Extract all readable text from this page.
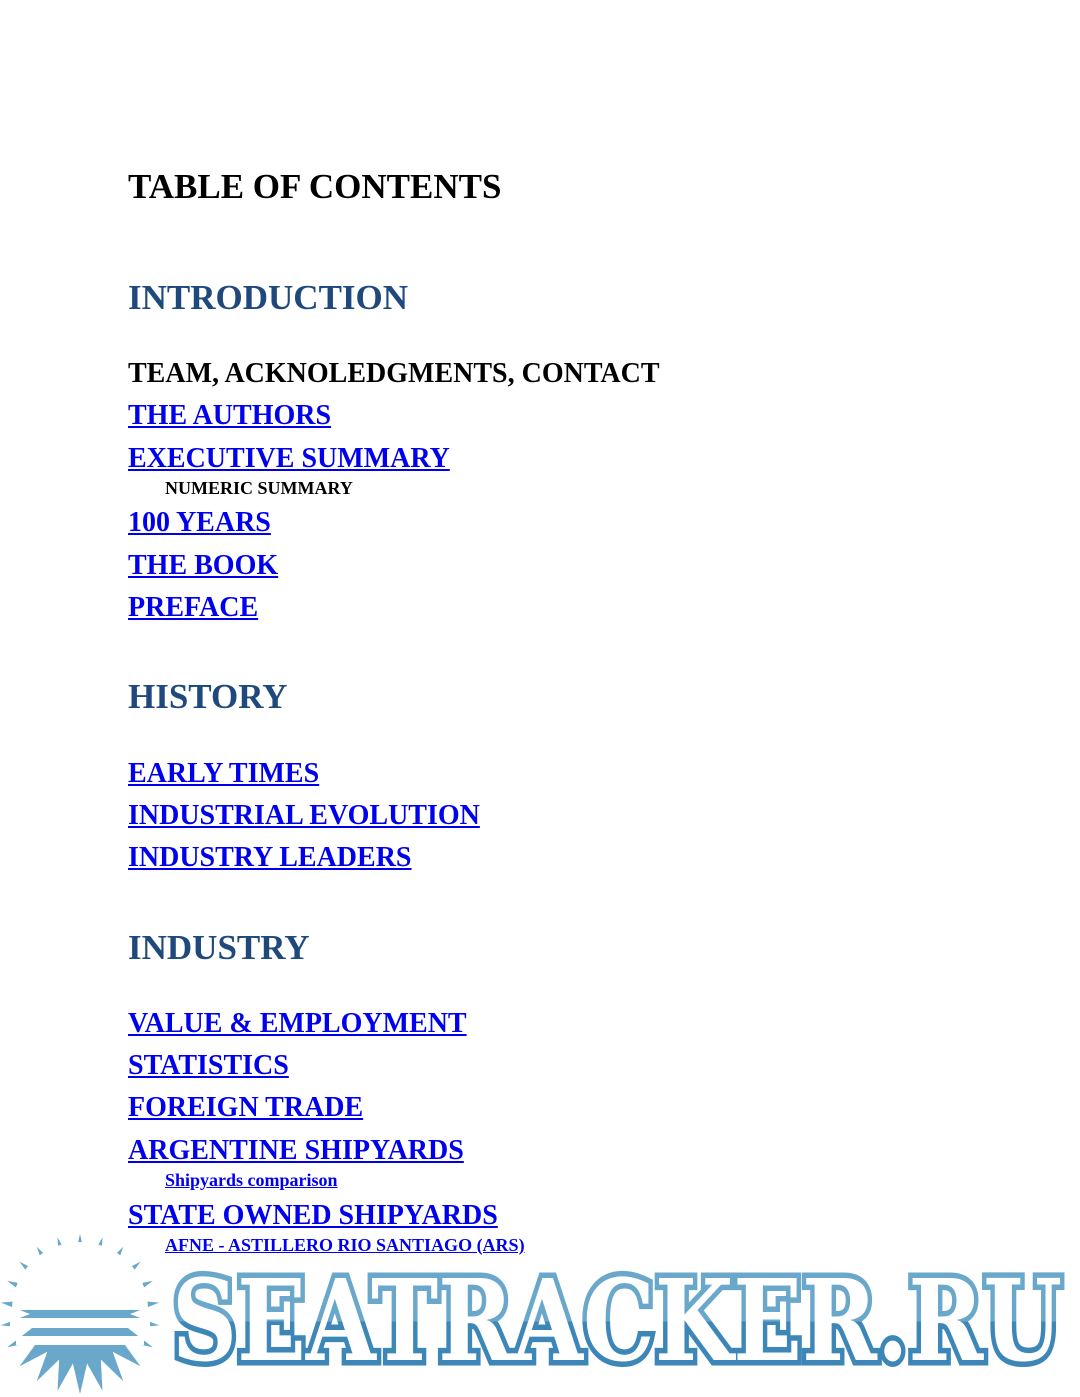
TABLE OF CONTENTS
INTRODUCTION
TEAM, ACKNOLEDGMENTS, CONTACT
THE AUTHORS
EXECUTIVE SUMMARY
NUMERIC SUMMARY
100 YEARS
THE BOOK
PREFACE
HISTORY
EARLY TIMES
INDUSTRIAL EVOLUTION
INDUSTRY LEADERS
INDUSTRY
VALUE & EMPLOYMENT
STATISTICS
FOREIGN TRADE
ARGENTINE SHIPYARDS
Shipyards comparison
STATE OWNED SHIPYARDS
AFNE - ASTILLERO RIO SANTIAGO (ARS)
SEATRACKER.RU
